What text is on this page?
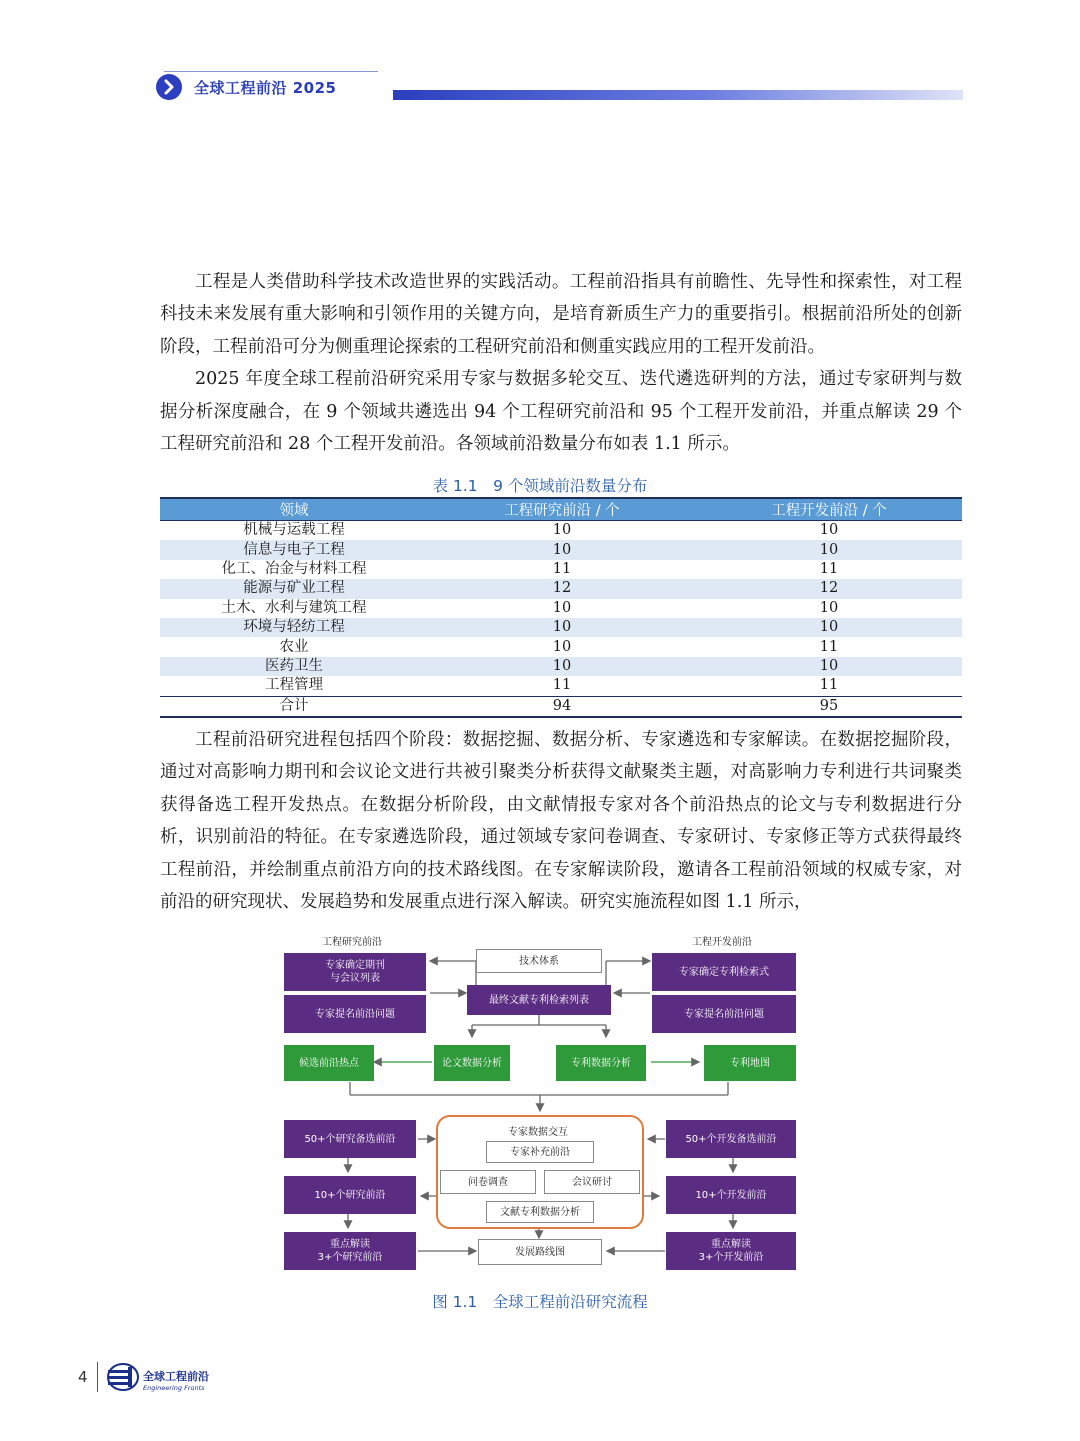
全球工程前沿 2025

工程是人类借助科学技术改造世界的实践活动。工程前沿指具有前瞻性、先导性和探索性，对工程科技未来发展有重大影响和引领作用的关键方向，是培育新质生产力的重要指引。根据前沿所处的创新阶段，工程前沿可分为侧重理论探索的工程研究前沿和侧重实践应用的工程开发前沿。

2025 年度全球工程前沿研究采用专家与数据多轮交互、迭代遴选研判的方法，通过专家研判与数据分析深度融合，在 9 个领域共遴选出 94 个工程研究前沿和 95 个工程开发前沿，并重点解读 29 个工程研究前沿和 28 个工程开发前沿。各领域前沿数量分布如表 1.1 所示。

表 1.1　9 个领域前沿数量分布
领域	工程研究前沿 / 个	工程开发前沿 / 个
机械与运载工程	10	10
信息与电子工程	10	10
化工、冶金与材料工程	11	11
能源与矿业工程	12	12
土木、水利与建筑工程	10	10
环境与轻纺工程	10	10
农业	10	11
医药卫生	10	10
工程管理	11	11
合计	94	95

工程前沿研究进程包括四个阶段：数据挖掘、数据分析、专家遴选和专家解读。在数据挖掘阶段，通过对高影响力期刊和会议论文进行共被引聚类分析获得文献聚类主题，对高影响力专利进行共词聚类获得备选工程开发热点。在数据分析阶段，由文献情报专家对各个前沿热点的论文与专利数据进行分析，识别前沿的特征。在专家遴选阶段，通过领域专家问卷调查、专家研讨、专家修正等方式获得最终工程前沿，并绘制重点前沿方向的技术路线图。在专家解读阶段，邀请各工程前沿领域的权威专家，对前沿的研究现状、发展趋势和发展重点进行深入解读。研究实施流程如图 1.1 所示，

工程研究前沿	工程开发前沿
专家确定期刊
与会议列表
专家提名前沿问题
技术体系
最终文献专利检索列表
专家确定专利检索式
专家提名前沿问题
候选前沿热点	论文数据分析	专利数据分析	专利地图
50+个研究备选前沿
10+个研究前沿
重点解读
3+个研究前沿
专家数据交互
专家补充前沿
问卷调查	会议研讨
文献专利数据分析
发展路线图
50+个开发备选前沿
10+个开发前沿
重点解读
3+个开发前沿
图 1.1　全球工程前沿研究流程
4	全球工程前沿
Engineering Fronts
